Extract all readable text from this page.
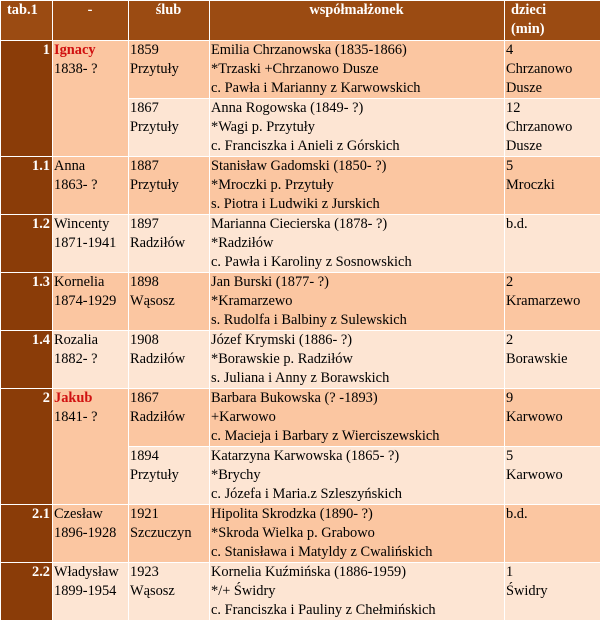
tab.1	-	ślub	współmałżonek	dzieci
(min)

1	Ignacy
1838- ?	1859
Przytuły	Emilia Chrzanowska (1835-1866)
*Trzaski +Chrzanowo Dusze
c. Pawła i Marianny z Karwowskich	4
Chrzanowo
Dusze

		1867
Przytuły	Anna Rogowska (1849- ?)
*Wagi p. Przytuły
c. Franciszka i Anieli z Górskich	12
Chrzanowo
Dusze

1.1	Anna
1863- ?	1887
Przytuły	Stanisław Gadomski (1850- ?)
*Mroczki p. Przytuły
s. Piotra i Ludwiki z Jurskich	5
Mroczki

1.2	Wincenty
1871-1941	1897
Radziłów	Marianna Ciecierska (1878- ?)
*Radziłów
c. Pawła i Karoliny z Sosnowskich	b.d.

1.3	Kornelia
1874-1929	1898
Wąsosz	Jan Burski (1877- ?)
*Kramarzewo
s. Rudolfa i Balbiny z Sulewskich	2
Kramarzewo

1.4	Rozalia
1882- ?	1908
Radziłów	Józef Krymski (1886- ?)
*Borawskie p. Radziłów
s. Juliana i Anny z Borawskich	2
Borawskie

2	Jakub
1841- ?	1867
Radziłów	Barbara Bukowska (? -1893)
+Karwowo
c. Macieja i Barbary z Wierciszewskich	9
Karwowo

		1894
Przytuły	Katarzyna Karwowska (1865- ?)
*Brychy
c. Józefa i Maria.z Szleszyńskich	5
Karwowo

2.1	Czesław
1896-1928	1921
Szczuczyn	Hipolita Skrodzka (1890- ?)
*Skroda Wielka p. Grabowo
c. Stanisława i Matyldy z Cwalińskich	b.d.

2.2	Władysław
1899-1954	1923
Wąsosz	Kornelia Kuźmińska (1886-1959)
*/+ Świdry
c. Franciszka i Pauliny z Chełmińskich	1
Świdry
